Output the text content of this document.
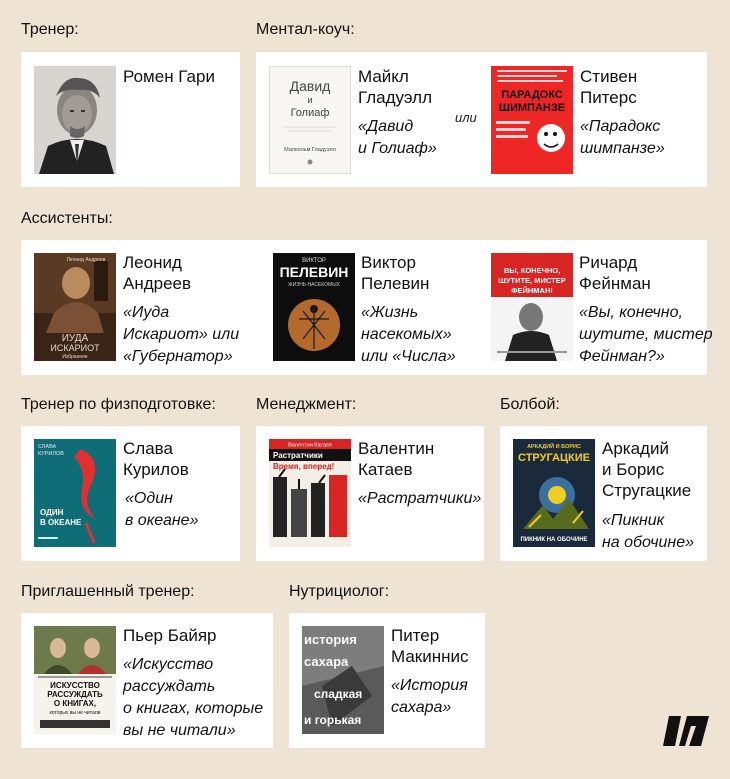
Тренер:	Ментал-коуч:
Ассистенты:
Тренер по физподготовке:	Менеджмент:	Болбой:
Приглашенный тренер:	Нутрициолог:
Ромен Гари	Давид
и
Голиаф
Малкольм Гладуэлл
Майкл
Гладуэлл
«Давид
и Голиаф»
или
ПАРАДОКС
ШИМПАНЗЕ
Стивен
Питерс
«Парадокс
шимпанзе»
Леонид Андреев
ИУДА
ИСКАРИОТ
Избранное
Леонид
Андреев
«Иуда
Искариот» или
«Губернатор»
ВИКТОР
ПЕЛЕВИН
ЖИЗНЬ НАСЕКОМЫХ
Виктор
Пелевин
«Жизнь
насекомых»
или «Числа»
ВЫ, КОНЕЧНО,
ШУТИТЕ, МИСТЕР
ФЕЙНМАН!
Ричард
Фейнман
«Вы, конечно,
шутите, мистер
Фейнман?»
СЛАВА
КУРИЛОВ
ОДИН
В ОКЕАНЕ
Слава
Курилов
«Один
в океане»
Валентин Катаев
Растратчики
Время, вперед!
Валентин
Катаев
«Растратчики»
АРКАДИЙ И БОРИС
СТРУГАЦКИЕ
ПИКНИК НА ОБОЧИНЕ
Аркадий
и Борис
Стругацкие
«Пикник
на обочине»
ИСКУССТВО
РАССУЖДАТЬ
О КНИГАХ,
которых вы не читали
Пьер Байяр
«Искусство
рассуждать
о книгах, которые
вы не читали»
история
сахара
сладкая
и горькая
Питер
Макиннис
«История
сахара»
